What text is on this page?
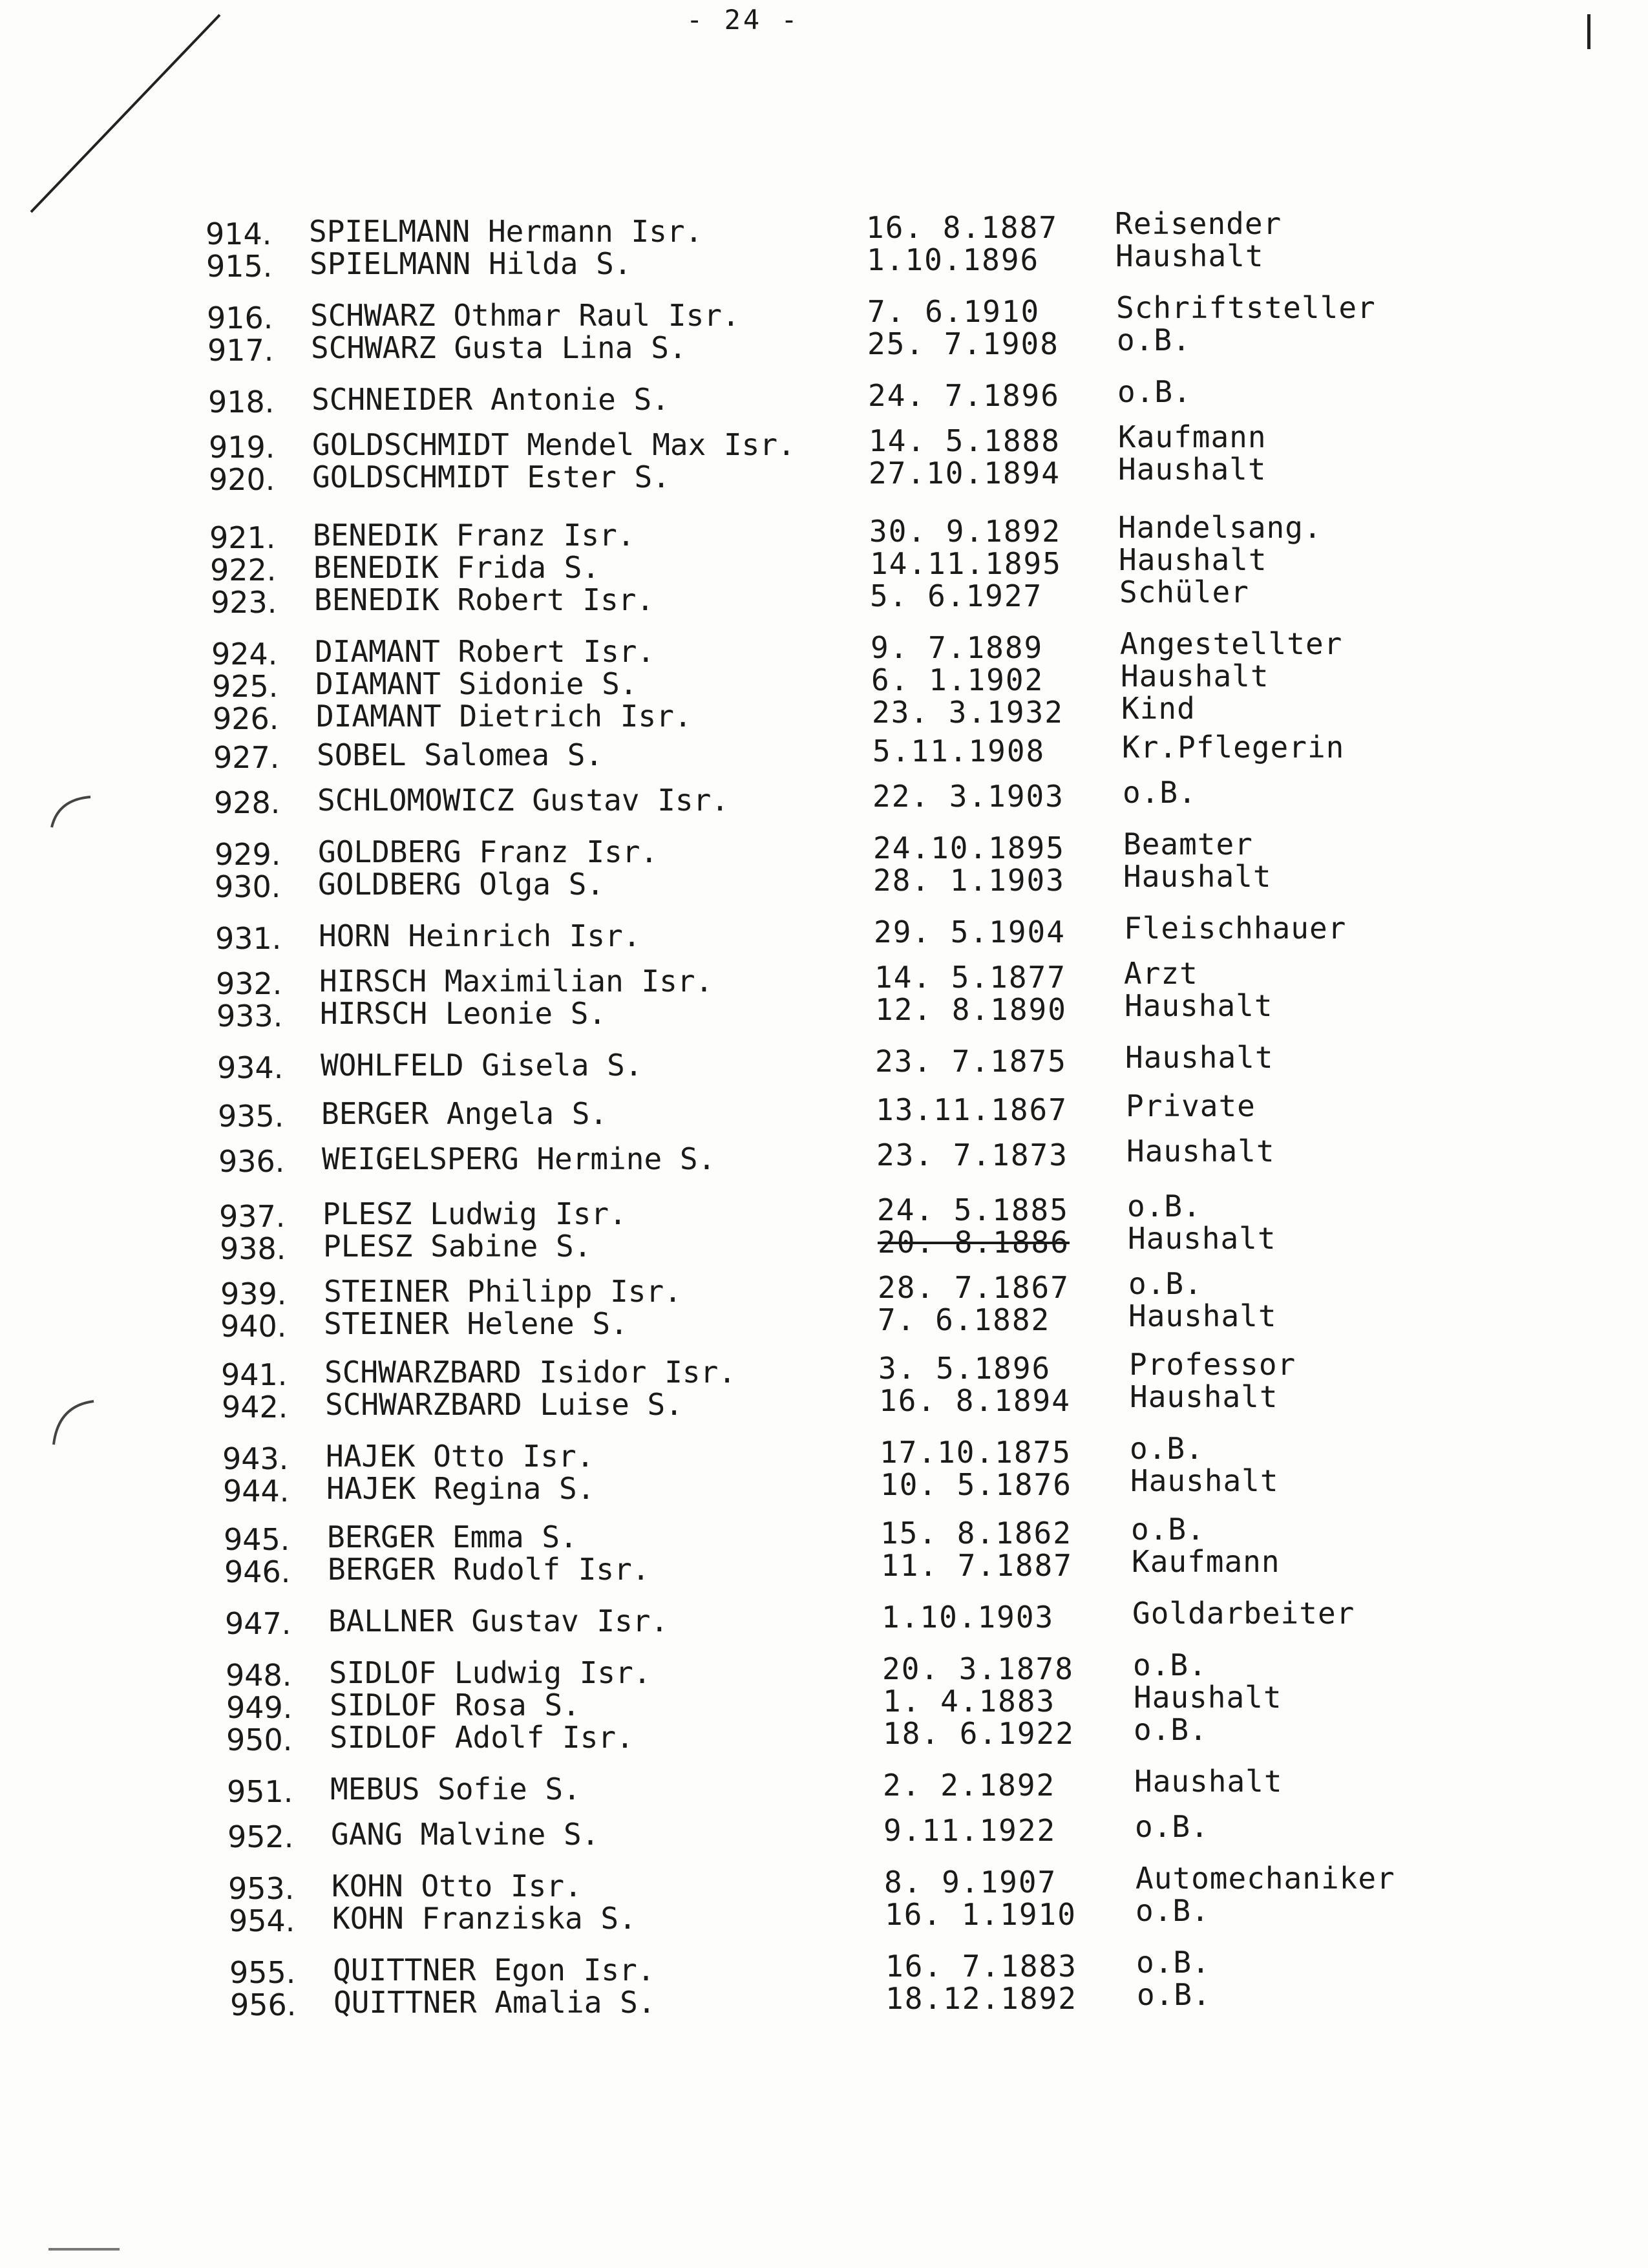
- 24 -
914. SPIELMANN Hermann Isr.	16. 8.1887 Reisender
915. SPIELMANN Hilda S.	1.10.1896	Haushalt
916. SCHWARZ Othmar Raul Isr.	7. 6.1910	Schriftsteller
917. SCHWARZ Gusta Lina S.	25. 7.1908 o.B.
918. SCHNEIDER Antonie S.	24. 7.1896 o.B.
919. GOLDSCHMIDT Mendel Max Isr. 14. 5.1888 Kaufmann
920. GOLDSCHMIDT Ester S.	27.10.1894 Haushalt
921. BENEDIK Franz Isr.	30. 9.1892 Handelsang.
922. BENEDIK Frida S.	14.11.1895 Haushalt
923. BENEDIK Robert Isr.	5. 6.1927	Schüler
924. DIAMANT Robert Isr.	9. 7.1889	Angestellter
925. DIAMANT Sidonie S.	6. 1.1902	Haushalt
926. DIAMANT Dietrich Isr.	23. 3.1932 Kind
927. SOBEL Salomea S.	5.11.1908	Kr.Pflegerin
928. SCHLOMOWICZ Gustav Isr.	22. 3.1903 o.B.
929. GOLDBERG Franz Isr.	24.10.1895 Beamter
930. GOLDBERG Olga S.	28. 1.1903 Haushalt
931. HORN Heinrich Isr.	29. 5.1904 Fleischhauer
932. HIRSCH Maximilian Isr.	14. 5.1877 Arzt
933. HIRSCH Leonie S.	12. 8.1890 Haushalt
934. WOHLFELD Gisela S.	23. 7.1875 Haushalt
935. BERGER Angela S.	13.11.1867 Private
936. WEIGELSPERG Hermine S.	23. 7.1873 Haushalt
937. PLESZ Ludwig Isr.	24. 5.1885 o.B.
938. PLESZ Sabine S.	20. 8.1886 Haushalt
939. STEINER Philipp Isr.	28. 7.1867 o.B.
940. STEINER Helene S.	7. 6.1882	Haushalt
941. SCHWARZBARD Isidor Isr.	3. 5.1896	Professor
942. SCHWARZBARD Luise S.	16. 8.1894 Haushalt
943. HAJEK Otto Isr.	17.10.1875 o.B.
944. HAJEK Regina S.	10. 5.1876 Haushalt
945. BERGER Emma S.	15. 8.1862 o.B.
946. BERGER Rudolf Isr.	11. 7.1887 Kaufmann
947. BALLNER Gustav Isr.	1.10.1903	Goldarbeiter
948. SIDLOF Ludwig Isr.	20. 3.1878 o.B.
949. SIDLOF Rosa S.	1. 4.1883	Haushalt
950. SIDLOF Adolf Isr.	18. 6.1922 o.B.
951. MEBUS Sofie S.	2. 2.1892	Haushalt
952. GANG Malvine S.	9.11.1922	o.B.
953. KOHN Otto Isr.	8. 9.1907	Automechaniker
954. KOHN Franziska S.	16. 1.1910 o.B.
955. QUITTNER Egon Isr.	16. 7.1883 o.B.
956. QUITTNER Amalia S.	18.12.1892 o.B.
